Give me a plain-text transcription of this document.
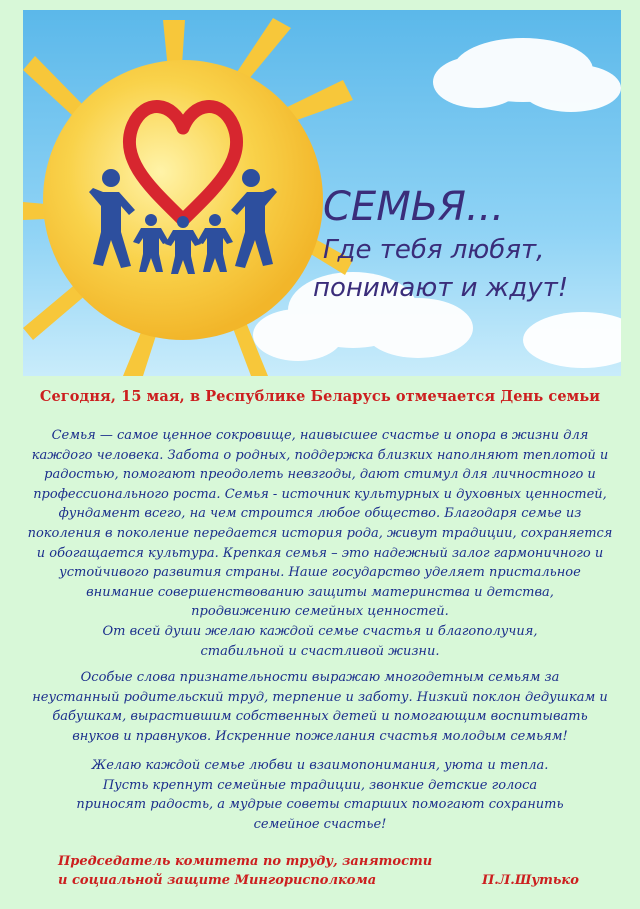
СЕМЬЯ...
Где тебя любят,
понимают и ждут!
Сегодня, 15 мая, в Республике Беларусь отмечается День семьи
Семья — самое ценное сокровище, наивысшее счастье и опора в жизни для
каждого человека. Забота о родных, поддержка близких наполняют теплотой и
радостью, помогают преодолеть невзгоды, дают стимул для личностного и
профессионального роста. Семья - источник культурных и духовных ценностей,
фундамент всего, на чем строится любое общество. Благодаря семье из
поколения в поколение передается история рода, живут традиции, сохраняется
и обогащается культура. Крепкая семья – это надежный залог гармоничного и
устойчивого развития страны. Наше государство уделяет пристальное
внимание совершенствованию защиты материнства и детства,
продвижению семейных ценностей.
От всей души желаю каждой семье счастья и благополучия,
стабильной и счастливой жизни.
Особые слова признательности выражаю многодетным семьям за
неустанный родительский труд, терпение и заботу. Низкий поклон дедушкам и
бабушкам, вырастившим собственных детей и помогающим воспитывать
внуков и правнуков. Искренние пожелания счастья молодым семьям!
Желаю каждой семье любви и взаимопонимания, уюта и тепла.
Пусть крепнут семейные традиции, звонкие детские голоса
приносят радость, а мудрые советы старших помогают сохранить
семейное счастье!
Председатель комитета по труду, занятости
и социальной защите Мингорисполкома	П.Л.Шутько
